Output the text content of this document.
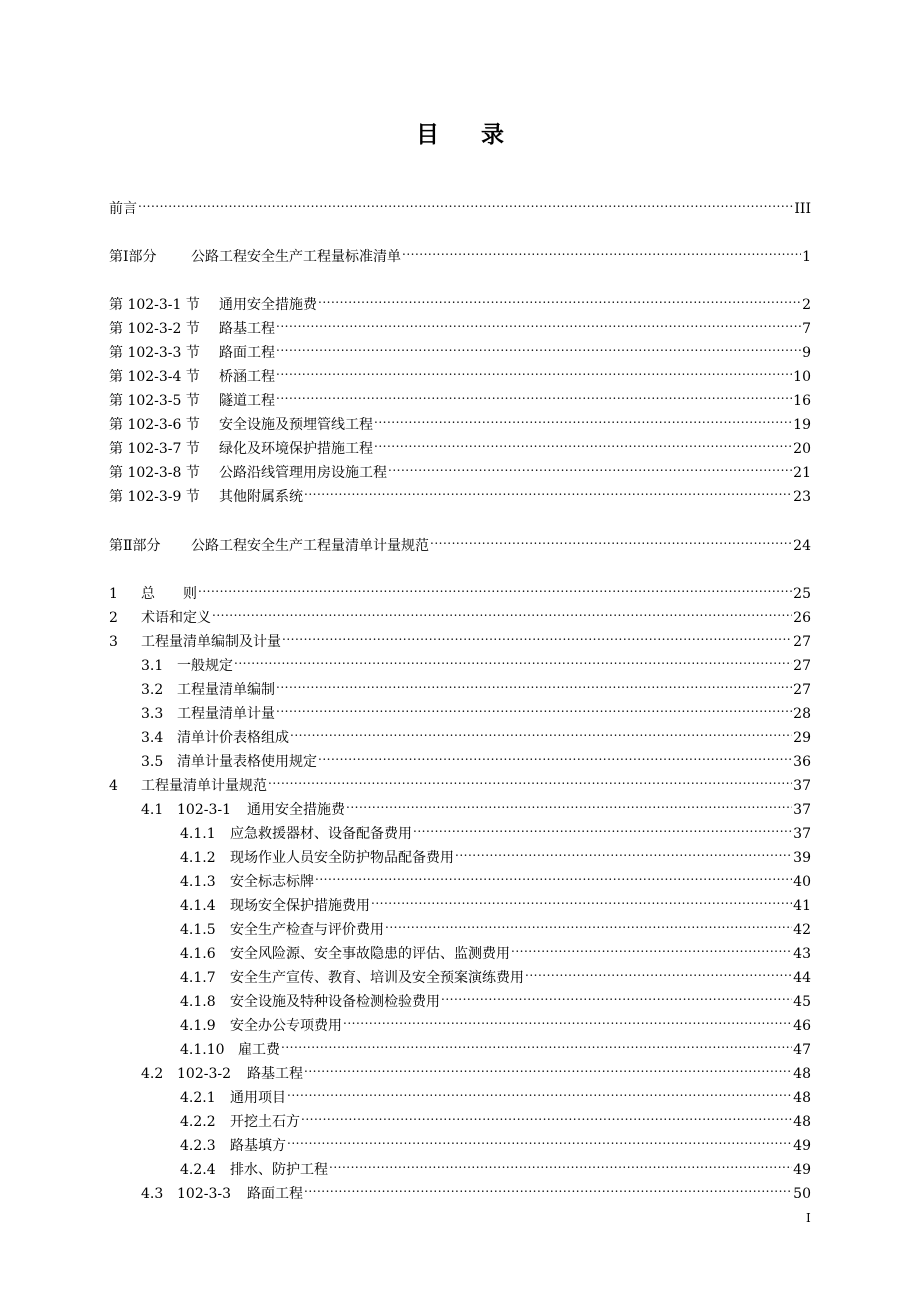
目 录
前言 .....	III
第Ⅰ部分	公路工程安全生产工程量标准清单 .....	1
第 102-3-1 节	通用安全措施费 .....	2
第 102-3-2 节	路基工程 .....	7
第 102-3-3 节	路面工程 .....	9
第 102-3-4 节	桥涵工程 .....	10
第 102-3-5 节	隧道工程 .....	16
第 102-3-6 节	安全设施及预埋管线工程 .....	19
第 102-3-7 节	绿化及环境保护措施工程 .....	20
第 102-3-8 节	公路沿线管理用房设施工程 .....	21
第 102-3-9 节	其他附属系统 .....	23
第Ⅱ部分	公路工程安全生产工程量清单计量规范 .....	24
1	总　　则 .....	25
2	术语和定义 .....	26
3	工程量清单编制及计量 .....	27
3.1 一般规定 .....	27
3.2 工程量清单编制 .....	27
3.3 工程量清单计量 .....	28
3.4 清单计价表格组成 .....	29
3.5 清单计量表格使用规定 .....	36
4	工程量清单计量规范 .....	37
4.1 102-3-1	通用安全措施费 .....	37
4.1.1	应急救援器材、设备配备费用 .....	37
4.1.2	现场作业人员安全防护物品配备费用 .....	39
4.1.3	安全标志标牌 .....	40
4.1.4	现场安全保护措施费用 .....	41
4.1.5	安全生产检查与评价费用 .....	42
4.1.6	安全风险源、安全事故隐患的评估、监测费用 .....	43
4.1.7	安全生产宣传、教育、培训及安全预案演练费用 .....	44
4.1.8	安全设施及特种设备检测检验费用 .....	45
4.1.9	安全办公专项费用 .....	46
4.1.10 雇工费 .....	47
4.2 102-3-2	路基工程 .....	48
4.2.1	通用项目 .....	48
4.2.2	开挖土石方 .....	48
4.2.3	路基填方 .....	49
4.2.4	排水、防护工程 .....	49
4.3 102-3-3	路面工程 .....	50
I
